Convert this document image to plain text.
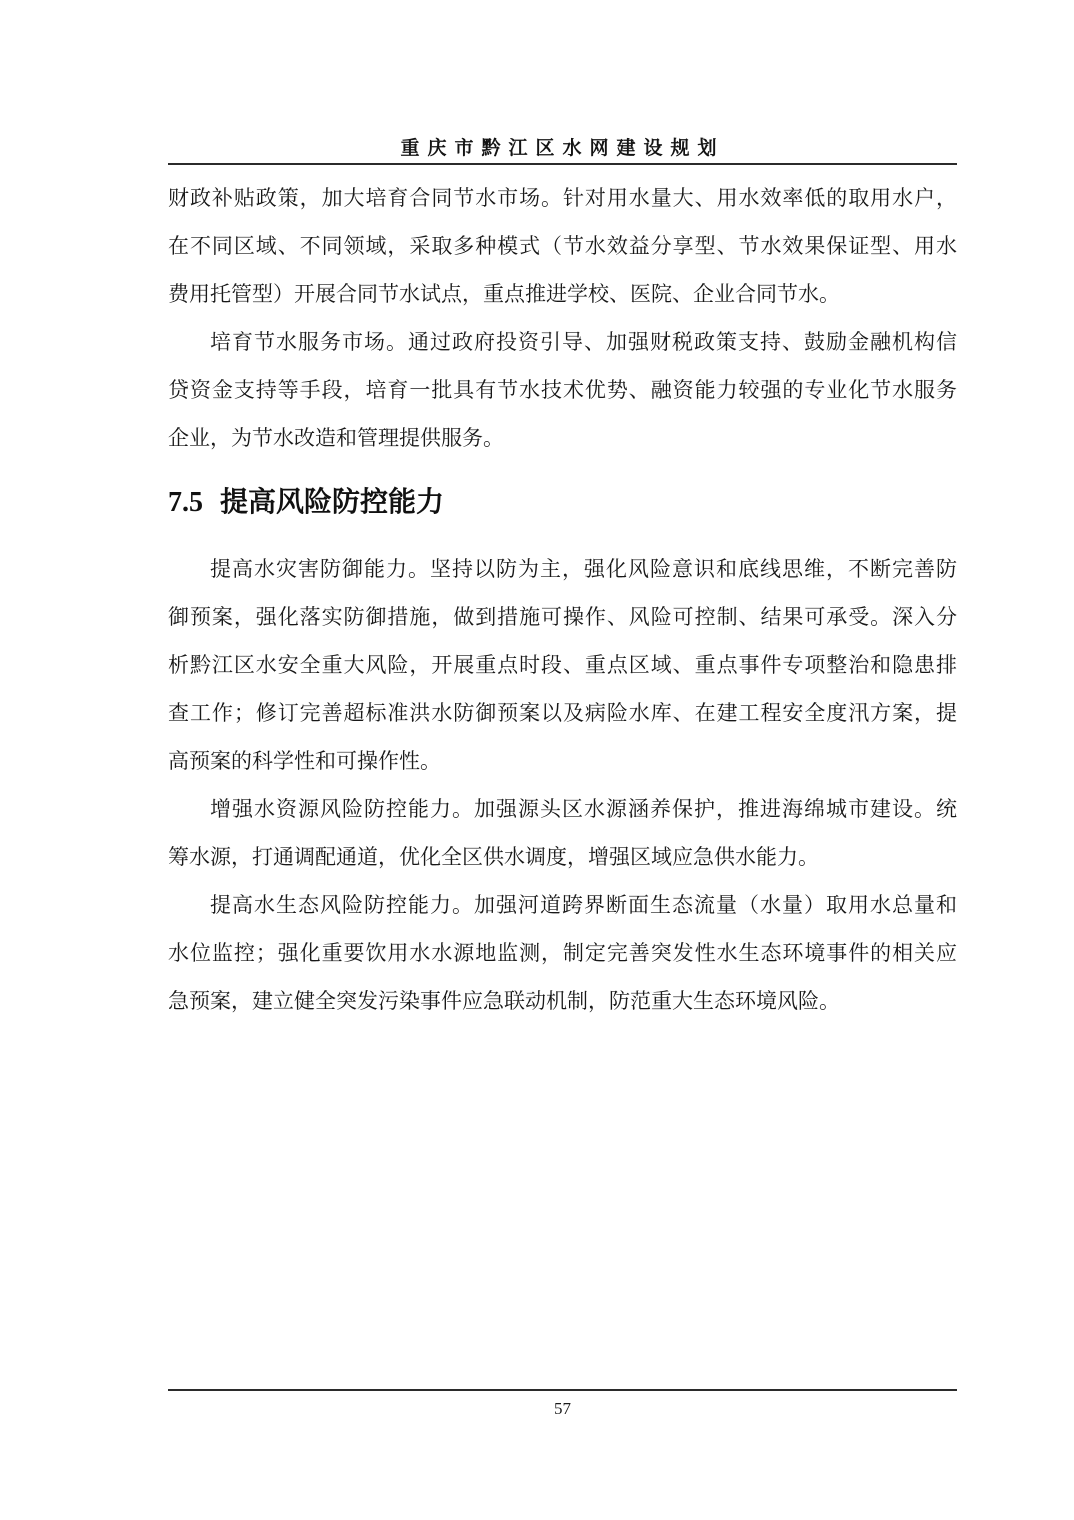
重庆市黔江区水网建设规划
财政补贴政策，加大培育合同节水市场。针对用水量大、用水效率低的取用水户，
在不同区域、不同领域，采取多种模式（节水效益分享型、节水效果保证型、用水
费用托管型）开展合同节水试点，重点推进学校、医院、企业合同节水。
培育节水服务市场。通过政府投资引导、加强财税政策支持、鼓励金融机构信
贷资金支持等手段，培育一批具有节水技术优势、融资能力较强的专业化节水服务
企业，为节水改造和管理提供服务。
7.5 提高风险防控能力
提高水灾害防御能力。坚持以防为主，强化风险意识和底线思维，不断完善防
御预案，强化落实防御措施，做到措施可操作、风险可控制、结果可承受。深入分
析黔江区水安全重大风险，开展重点时段、重点区域、重点事件专项整治和隐患排
查工作；修订完善超标准洪水防御预案以及病险水库、在建工程安全度汛方案，提
高预案的科学性和可操作性。
增强水资源风险防控能力。加强源头区水源涵养保护，推进海绵城市建设。统
筹水源，打通调配通道，优化全区供水调度，增强区域应急供水能力。
提高水生态风险防控能力。加强河道跨界断面生态流量（水量）取用水总量和
水位监控；强化重要饮用水水源地监测，制定完善突发性水生态环境事件的相关应
急预案，建立健全突发污染事件应急联动机制，防范重大生态环境风险。
57
